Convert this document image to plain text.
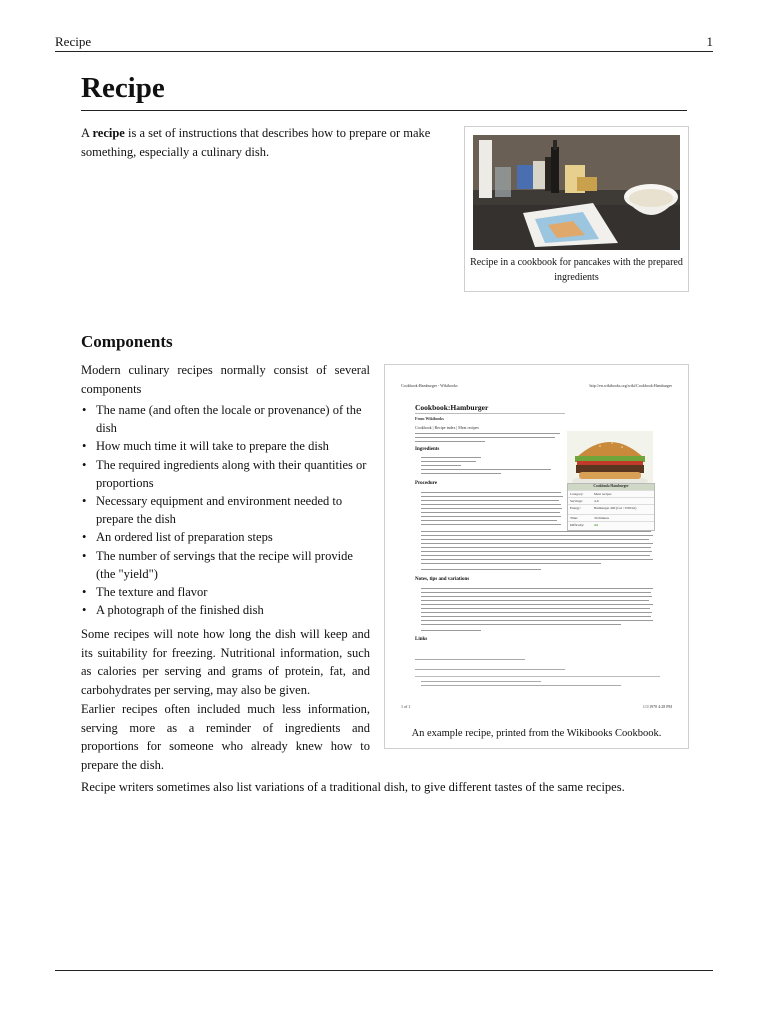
Recipe	1
Recipe

A recipe is a set of instructions that describes how to prepare or make something, especially a culinary dish.

Recipe in a cookbook for pancakes with the prepared ingredients
Components

Modern culinary recipes normally consist of several components

• The name (and often the locale or provenance) of the dish
• How much time it will take to prepare the dish
• The required ingredients along with their quantities or proportions
• Necessary equipment and environment needed to prepare the dish
• An ordered list of preparation steps
• The number of servings that the recipe will provide (the "yield")
• The texture and flavor
• A photograph of the finished dish

Some recipes will note how long the dish will keep and its suitability for freezing. Nutritional information, such as calories per serving and grams of protein, fat, and carbohydrates per serving, may also be given.

Earlier recipes often included much less information, serving more as a reminder of ingredients and proportions for someone who already knew how to prepare the dish.

Recipe writers sometimes also list variations of a traditional dish, to give different tastes of the same recipes.

Cookbook:Hamburger - Wikibooks	http://en.wikibooks.org/wiki/Cookbook:Hamburger
Cookbook:Hamburger
From Wikibooks
Cookbook | Recipe index | Meat recipes
Ingredients
Procedure
Notes, tips and variations
Links
1 of 1	1/1/1970 4:28 PM
Cookbook:Hamburger
Category:	Meat recipes
Servings:	4-6
Energy:	Hamburger 400 (Cal / 3500 kJ)
Time:	30 minutes
Difficulty:	●●
An example recipe, printed from the Wikibooks Cookbook.
